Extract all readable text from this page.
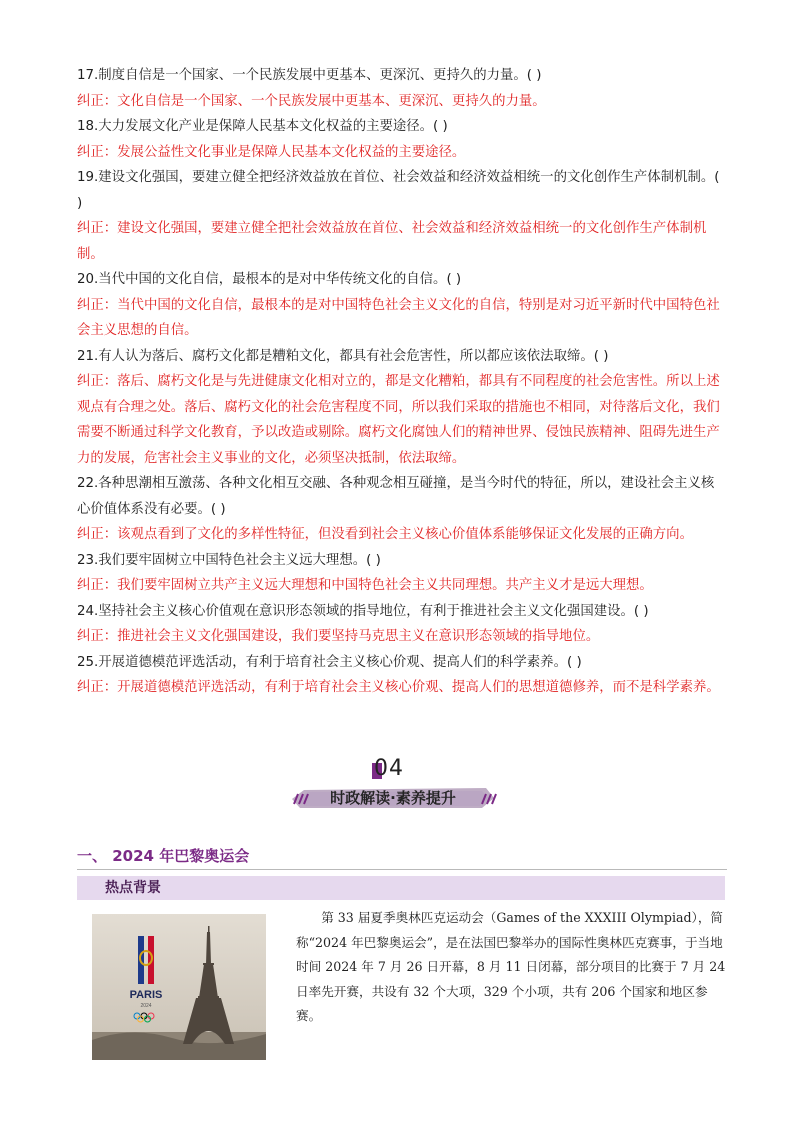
17.制度自信是一个国家、一个民族发展中更基本、更深沉、更持久的力量。( )

纠正：文化自信是一个国家、一个民族发展中更基本、更深沉、更持久的力量。

18.大力发展文化产业是保障人民基本文化权益的主要途径。( )

纠正：发展公益性文化事业是保障人民基本文化权益的主要途径。

19.建设文化强国，要建立健全把经济效益放在首位、社会效益和经济效益相统一的文化创作生产体制机制。( )

纠正：建设文化强国，要建立健全把社会效益放在首位、社会效益和经济效益相统一的文化创作生产体制机制。

20.当代中国的文化自信，最根本的是对中华传统文化的自信。( )

纠正：当代中国的文化自信，最根本的是对中国特色社会主义文化的自信，特别是对习近平新时代中国特色社会主义思想的自信。

21.有人认为落后、腐朽文化都是糟粕文化，都具有社会危害性，所以都应该依法取缔。( )

纠正：落后、腐朽文化是与先进健康文化相对立的，都是文化糟粕，都具有不同程度的社会危害性。所以上述观点有合理之处。落后、腐朽文化的社会危害程度不同，所以我们采取的措施也不相同，对待落后文化，我们需要不断通过科学文化教育，予以改造或剔除。腐朽文化腐蚀人们的精神世界、侵蚀民族精神、阻碍先进生产力的发展，危害社会主义事业的文化，必须坚决抵制，依法取缔。

22.各种思潮相互激荡、各种文化相互交融、各种观念相互碰撞，是当今时代的特征，所以，建设社会主义核心价值体系没有必要。( )

纠正：该观点看到了文化的多样性特征，但没看到社会主义核心价值体系能够保证文化发展的正确方向。

23.我们要牢固树立中国特色社会主义远大理想。( )

纠正：我们要牢固树立共产主义远大理想和中国特色社会主义共同理想。共产主义才是远大理想。

24.坚持社会主义核心价值观在意识形态领域的指导地位，有利于推进社会主义文化强国建设。( )

纠正：推进社会主义文化强国建设，我们要坚持马克思主义在意识形态领域的指导地位。

25.开展道德模范评选活动，有利于培育社会主义核心价观、提高人们的科学素养。( )

纠正：开展道德模范评选活动，有利于培育社会主义核心价观、提高人们的思想道德修养，而不是科学素养。

04
时政解读·素养提升
一、 2024 年巴黎奥运会
热点背景
PARIS
2024

第 33 届夏季奥林匹克运动会（Games of the XXXIII Olympiad），简称“2024 年巴黎奥运会”，是在法国巴黎举办的国际性奥林匹克赛事，于当地时间 2024 年 7 月 26 日开幕，8 月 11 日闭幕，部分项目的比赛于 7 月 24 日率先开赛，共设有 32 个大项，329 个小项，共有 206 个国家和地区参赛。
